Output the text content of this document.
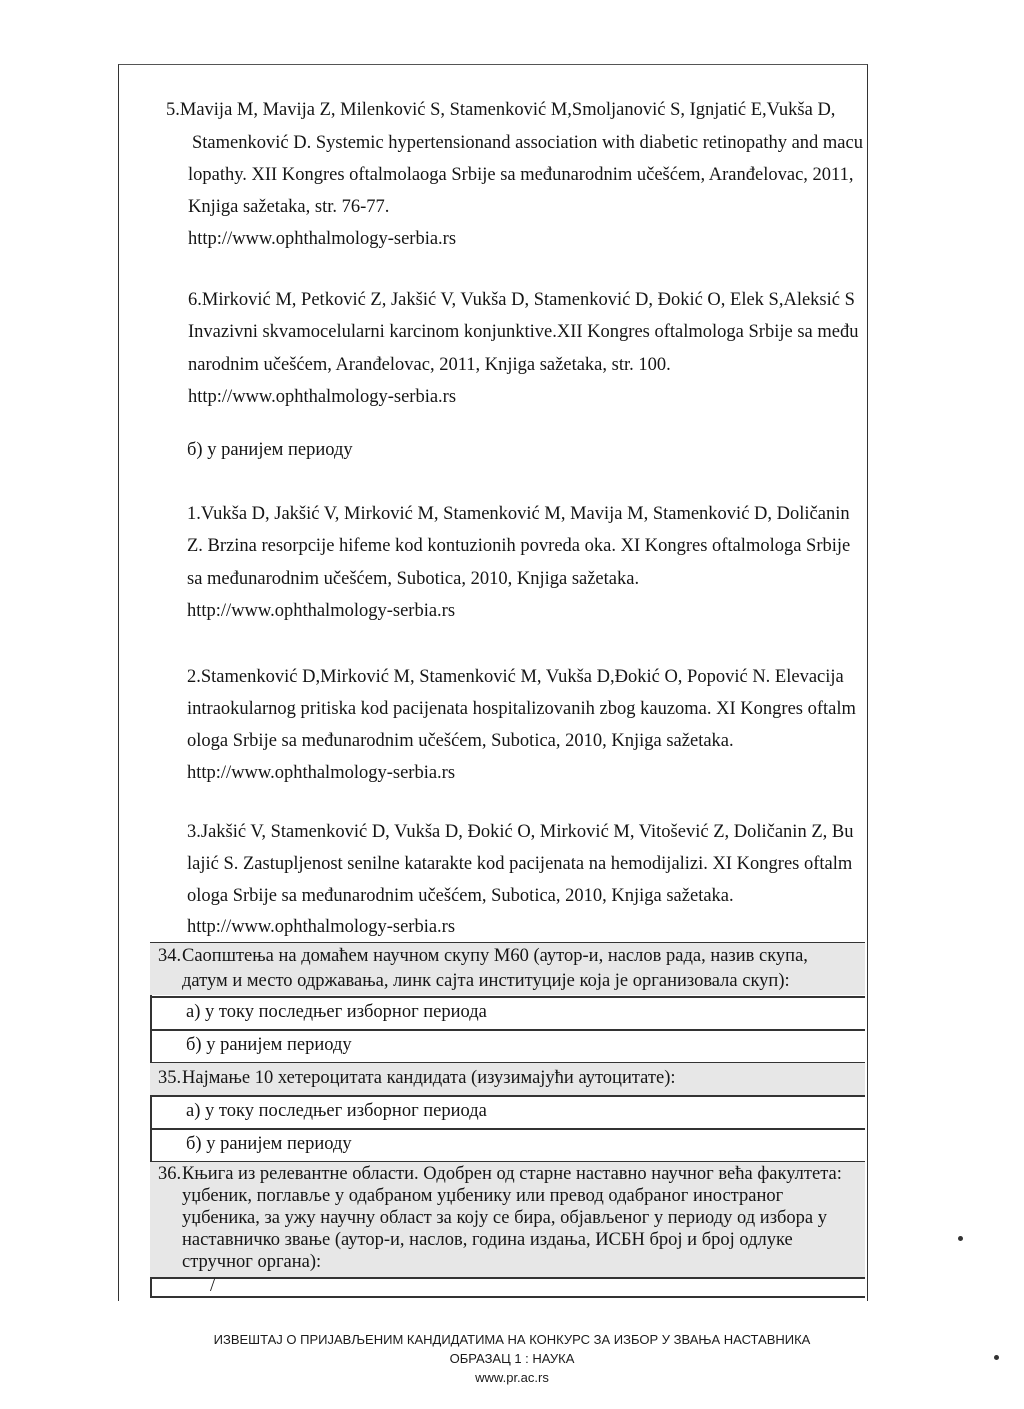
5.Mavija M, Mavija Z, Milenković S, Stamenković M,Smoljanović S, Ignjatić E,Vukša D,
Stamenković D. Systemic hypertensionand association with diabetic retinopathy and macu
lopathy. XII Kongres oftalmolaoga Srbije sa međunarodnim učešćem, Aranđelovac, 2011,
Knjiga sažetaka, str. 76-77.
http://www.ophthalmology-serbia.rs
6.Mirković M, Petković Z, Jakšić V, Vukša D, Stamenković D, Đokić O, Elek S,Aleksić S
Invazivni skvamocelularni karcinom konjunktive.XII Kongres oftalmologa Srbije sa među
narodnim učešćem, Aranđelovac, 2011, Knjiga sažetaka, str. 100.
http://www.ophthalmology-serbia.rs
б) у ранијем периоду
1.Vukša D, Jakšić V, Mirković M, Stamenković M, Mavija M, Stamenković D, Doličanin
Z. Brzina resorpcije hifeme kod kontuzionih povreda oka. XI Kongres oftalmologa Srbije
sa međunarodnim učešćem, Subotica, 2010, Knjiga sažetaka.
http://www.ophthalmology-serbia.rs
2.Stamenković D,Mirković M, Stamenković M, Vukša D,Đokić O, Popović N. Elevacija
intraokularnog pritiska kod pacijenata hospitalizovanih zbog kauzoma. XI Kongres oftalm
ologa Srbije sa međunarodnim učešćem, Subotica, 2010, Knjiga sažetaka.
http://www.ophthalmology-serbia.rs
3.Jakšić V, Stamenković D, Vukša D, Đokić O, Mirković M, Vitošević Z, Doličanin Z, Bu
lajić S. Zastupljenost senilne katarakte kod pacijenata na hemodijalizi. XI Kongres oftalm
ologa Srbije sa međunarodnim učešćem, Subotica, 2010, Knjiga sažetaka.
http://www.ophthalmology-serbia.rs
34. Саопштења на домаћем научном скупу М60 (аутор-и, наслов рада, назив скупа,
датум и место одржавања, линк сајта институције која је организовала скуп):
а) у току последњег изборног периода
б) у ранијем периоду
35. Најмање 10 хетероцитата кандидата (изузимајући аутоцитате):
а) у току последњег изборног периода
б) у ранијем периоду
36. Књига из релевантне области. Одобрен од старне наставно научног већа факултета:
уџбеник, поглавље у одабраном уџбенику или превод одабраног иностраног
уџбеника, за ужу научну област за коју се бира, објављеног у периоду од избора у
наставничко звање (аутор-и, наслов, година издања, ИСБН број и број одлуке
стручног органа):
/
ИЗВЕШТАЈ О ПРИЈАВЉЕНИМ КАНДИДАТИМА НА КОНКУРС ЗА ИЗБОР У ЗВАЊА НАСТАВНИКА
ОБРАЗАЦ 1 : НАУКА
www.pr.ac.rs
